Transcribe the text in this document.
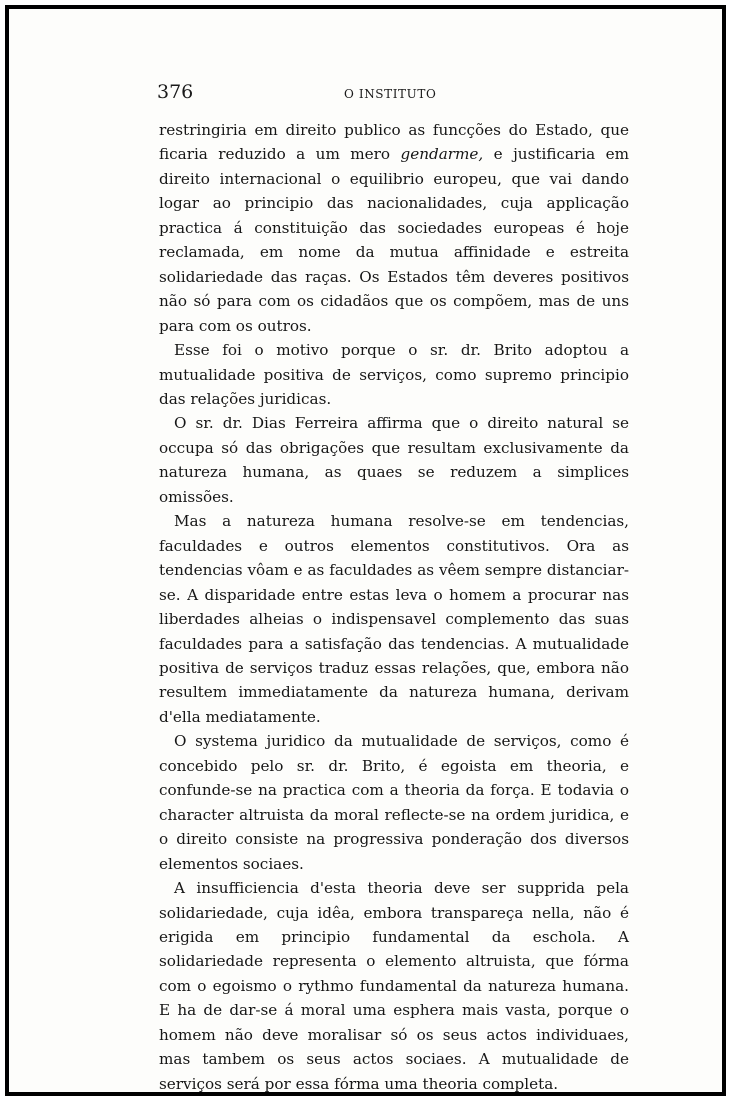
376	O INSTITUTO

restringiria em direito publico as funcções do Estado, que ficaria reduzido a um mero gendarme, e justificaria em direito internacional o equilibrio europeu, que vai dando logar ao principio das nacionalidades, cuja applicação practica á constituição das sociedades europeas é hoje reclamada, em nome da mutua affinidade e estreita solidariedade das raças. Os Estados têm deveres positivos não só para com os cidadãos que os compõem, mas de uns para com os outros.

Esse foi o motivo porque o sr. dr. Brito adoptou a mutualidade positiva de serviços, como supremo principio das relações juridicas.

O sr. dr. Dias Ferreira affirma que o direito natural se occupa só das obrigações que resultam exclusivamente da natureza humana, as quaes se reduzem a simplices omissões.

Mas a natureza humana resolve-se em tendencias, faculdades e outros elementos constitutivos. Ora as tendencias vôam e as faculdades as vêem sempre distanciar-se. A disparidade entre estas leva o homem a procurar nas liberdades alheias o indispensavel complemento das suas faculdades para a satisfação das tendencias. A mutualidade positiva de serviços traduz essas relações, que, embora não resultem immediatamente da natureza humana, derivam d'ella mediatamente.

O systema juridico da mutualidade de serviços, como é concebido pelo sr. dr. Brito, é egoista em theoria, e confunde-se na practica com a theoria da força. E todavia o character altruista da moral reflecte-se na ordem juridica, e o direito consiste na progressiva ponderação dos diversos elementos sociaes.

A insufficiencia d'esta theoria deve ser supprida pela solidariedade, cuja idêa, embora transpareça nella, não é erigida em principio fundamental da eschola. A solidariedade representa o elemento altruista, que fórma com o egoismo o rythmo fundamental da natureza humana. E ha de dar-se á moral uma esphera mais vasta, porque o homem não deve moralisar só os seus actos individuaes, mas tambem os seus actos sociaes. A mutualidade de serviços será por essa fórma uma theoria completa.
